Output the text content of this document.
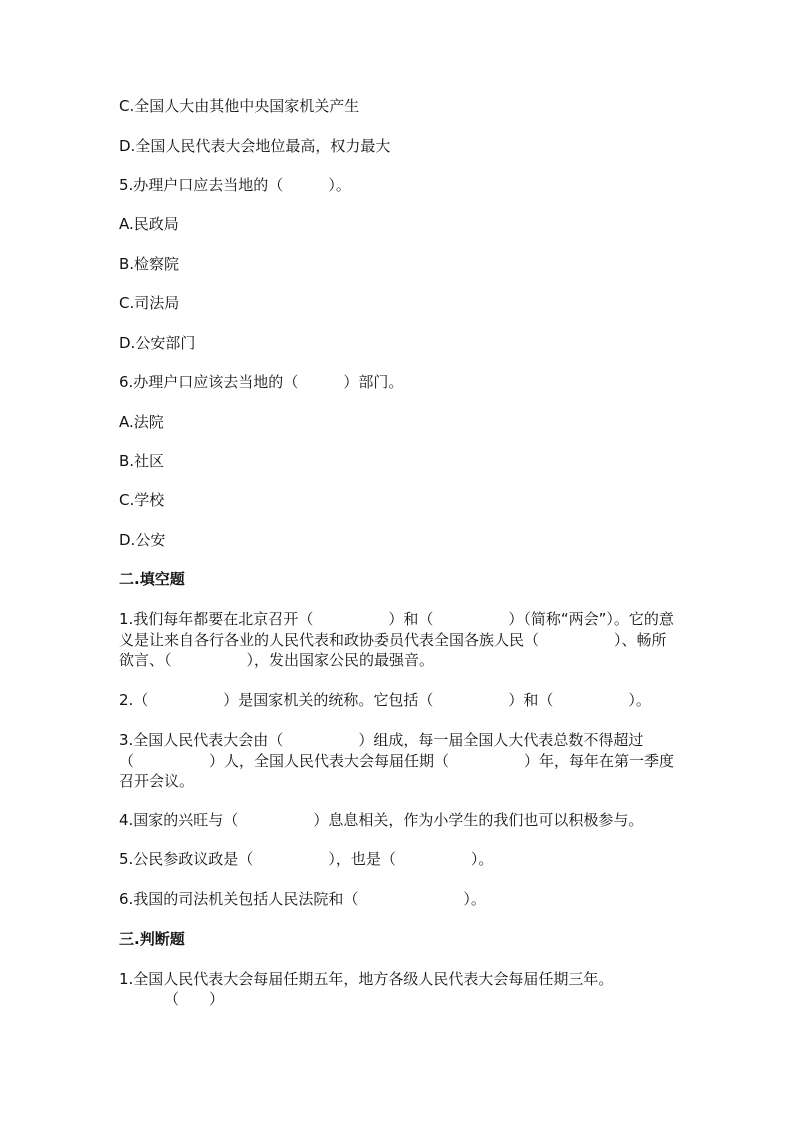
C.全国人大由其他中央国家机关产生
D.全国人民代表大会地位最高，权力最大
5.办理户口应去当地的（　　　）。
A.民政局
B.检察院
C.司法局
D.公安部门
6.办理户口应该去当地的（　　　）部门。
A.法院
B.社区
C.学校
D.公安
二.填空题
1.我们每年都要在北京召开（　　　　　）和（　　　　　）（简称“两会”）。它的意义是让来自各行各业的人民代表和政协委员代表全国各族人民（　　　　　）、畅所欲言、（　　　　　），发出国家公民的最强音。
2.（　　　　　）是国家机关的统称。它包括（　　　　　）和（　　　　　）。
3.全国人民代表大会由（　　　　　）组成，每一届全国人大代表总数不得超过（　　　　　）人，全国人民代表大会每届任期（　　　　　）年，每年在第一季度召开会议。
4.国家的兴旺与（　　　　　）息息相关，作为小学生的我们也可以积极参与。
5.公民参政议政是（　　　　　），也是（　　　　　）。
6.我国的司法机关包括人民法院和（　　　　　　　）。
三.判断题
1.全国人民代表大会每届任期五年，地方各级人民代表大会每届任期三年。
（　　）
